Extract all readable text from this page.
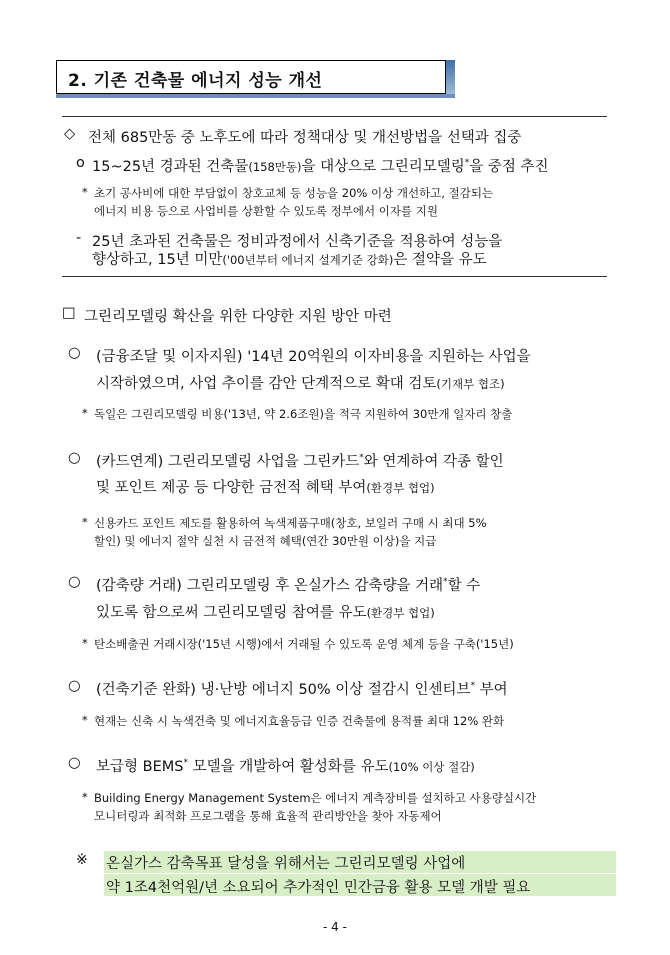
2. 기존 건축물 에너지 성능 개선
◇ 전체 685만동 중 노후도에 따라 정책대상 및 개선방법을 선택과 집중
o 15~25년 경과된 건축물(158만동)을 대상으로 그린리모델링*을 중점 추진
* 초기 공사비에 대한 부담없이 창호교체 등 성능을 20% 이상 개선하고, 절감되는
에너지 비용 등으로 사업비를 상환할 수 있도록 정부에서 이자를 지원
- 25년 초과된 건축물은 정비과정에서 신축기준을 적용하여 성능을
향상하고, 15년 미만('00년부터 에너지 설계기준 강화)은 절약을 유도
□ 그린리모델링 확산을 위한 다양한 지원 방안 마련
○ (금융조달 및 이자지원) '14년 20억원의 이자비용을 지원하는 사업을
시작하였으며, 사업 추이를 감안 단계적으로 확대 검토(기재부 협조)
* 독일은 그린리모델링 비용('13년, 약 2.6조원)을 적극 지원하여 30만개 일자리 창출
○ (카드연계) 그린리모델링 사업을 그린카드*와 연계하여 각종 할인
및 포인트 제공 등 다양한 금전적 혜택 부여(환경부 협업)
* 신용카드 포인트 제도를 활용하여 녹색제품구매(창호, 보일러 구매 시 최대 5%
할인) 및 에너지 절약 실천 시 금전적 혜택(연간 30만원 이상)을 지급
○ (감축량 거래) 그린리모델링 후 온실가스 감축량을 거래*할 수
있도록 함으로써 그린리모델링 참여를 유도(환경부 협업)
* 탄소배출권 거래시장('15년 시행)에서 거래될 수 있도록 운영 체계 등을 구축('15년)
○ (건축기준 완화) 냉·난방 에너지 50% 이상 절감시 인센티브* 부여
* 현재는 신축 시 녹색건축 및 에너지효율등급 인증 건축물에 용적률 최대 12% 완화
○ 보급형 BEMS* 모델을 개발하여 활성화를 유도(10% 이상 절감)
* Building Energy Management System은 에너지 계측장비를 설치하고 사용량실시간
모니터링과 최적화 프로그램을 통해 효율적 관리방안을 찾아 자동제어
※ 온실가스 감축목표 달성을 위해서는 그린리모델링 사업에
약 1조4천억원/년 소요되어 추가적인 민간금융 활용 모델 개발 필요
- 4 -
